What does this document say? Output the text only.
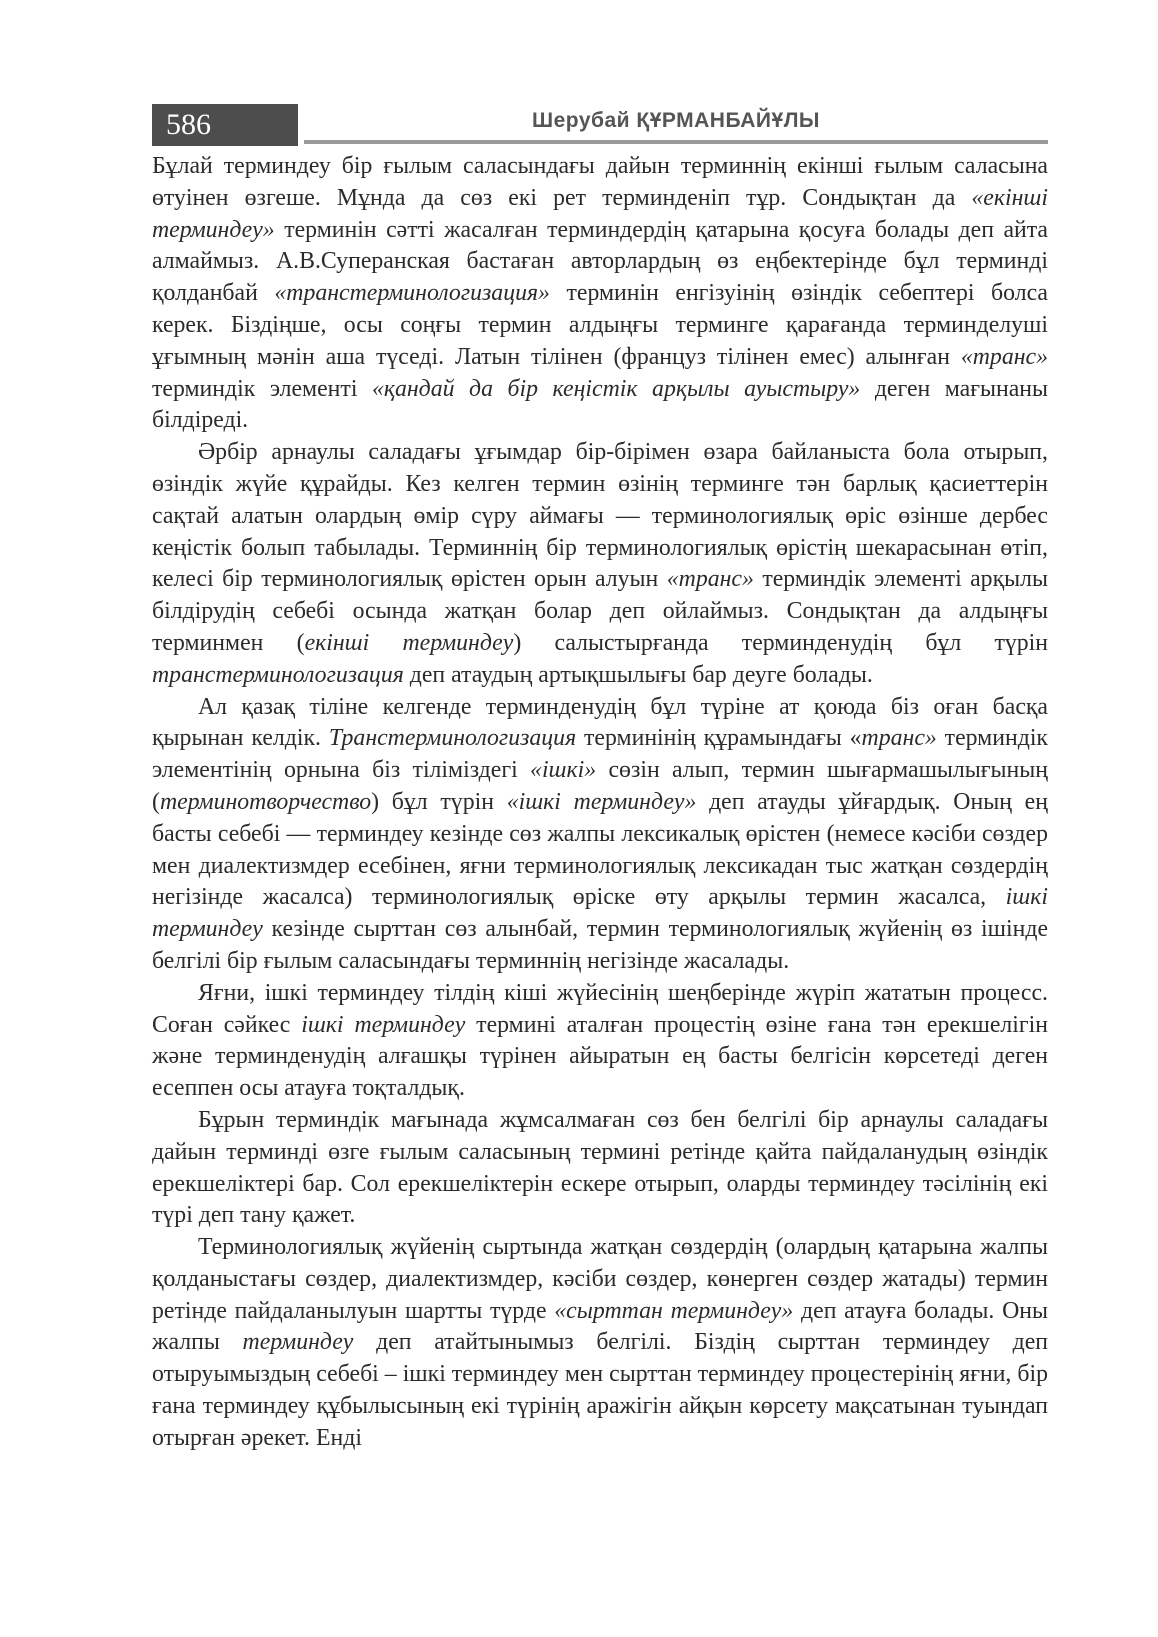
586	Шерубай ҚҰРМАНБАЙҰЛЫ

Бұлай терминдеу бір ғылым саласындағы дайын терминнің екінші ғылым саласына өтуінен өзгеше. Мұнда да сөз екі рет терминденіп тұр. Сондықтан да «екінші терминдеу» терминін сәтті жасалған терминдердің қатарына қосуға болады деп айта алмаймыз. А.В.Суперанская бастаған авторлардың өз еңбектерінде бұл терминді қолданбай «транстерминологизация» терминін енгізуінің өзіндік себептері болса керек. Біздіңше, осы соңғы термин алдыңғы терминге қарағанда терминделуші ұғымның мәнін аша түседі. Латын тілінен (француз тілінен емес) алынған «транс» терминдік элементі «қандай да бір кеңістік арқылы ауыстыру» деген мағынаны білдіреді.

Әрбір арнаулы саладағы ұғымдар бір-бірімен өзара байланыста бола отырып, өзіндік жүйе құрайды. Кез келген термин өзінің терминге тән барлық қасиеттерін сақтай алатын олардың өмір сүру аймағы — терминологиялық өріс өзінше дербес кеңістік болып табылады. Терминнің бір терминологиялық өрістің шекарасынан өтіп, келесі бір терминологиялық өрістен орын алуын «транс» терминдік элементі арқылы білдірудің себебі осында жатқан болар деп ойлаймыз. Сондықтан да алдыңғы терминмен (екінші терминдеу) салыстырғанда терминденудің бұл түрін транстерминологизация деп атаудың артықшылығы бар деуге болады.

Ал қазақ тіліне келгенде терминденудің бұл түріне ат қоюда біз оған басқа қырынан келдік. Транстерминологизация терминінің құрамындағы «транс» терминдік элементінің орнына біз тіліміздегі «ішкі» сөзін алып, термин шығармашылығының (терминотворчество) бұл түрін «ішкі терминдеу» деп атауды ұйғардық. Оның ең басты себебі — терминдеу кезінде сөз жалпы лексикалық өрістен (немесе кәсіби сөздер мен диалектизмдер есебінен, яғни терминологиялық лексикадан тыс жатқан сөздердің негізінде жасалса) терминологиялық өріске өту арқылы термин жасалса, ішкі терминдеу кезінде сырттан сөз алынбай, термин терминологиялық жүйенің өз ішінде белгілі бір ғылым саласындағы терминнің негізінде жасалады.

Яғни, ішкі терминдеу тілдің кіші жүйесінің шеңберінде жүріп жататын процесс. Соған сәйкес ішкі терминдеу термині аталған процестің өзіне ғана тән ерекшелігін және терминденудің алғашқы түрінен айыратын ең басты белгісін көрсетеді деген есеппен осы атауға тоқталдық.

Бұрын терминдік мағынада жұмсалмаған сөз бен белгілі бір арнаулы саладағы дайын терминді өзге ғылым саласының термині ретінде қайта пайдаланудың өзіндік ерекшеліктері бар. Сол ерекшеліктерін ескере отырып, оларды терминдеу тәсілінің екі түрі деп тану қажет.

Терминологиялық жүйенің сыртында жатқан сөздердің (олардың қатарына жалпы қолданыстағы сөздер, диалектизмдер, кәсіби сөздер, көнерген сөздер жатады) термин ретінде пайдаланылуын шартты түрде «сырттан терминдеу» деп атауға болады. Оны жалпы терминдеу деп атайтынымыз белгілі. Біздің сырттан терминдеу деп отыруымыздың себебі – ішкі терминдеу мен сырттан терминдеу процестерінің яғни, бір ғана терминдеу құбылысының екі түрінің аражігін айқын көрсету мақсатынан туындап отырған әрекет. Енді
